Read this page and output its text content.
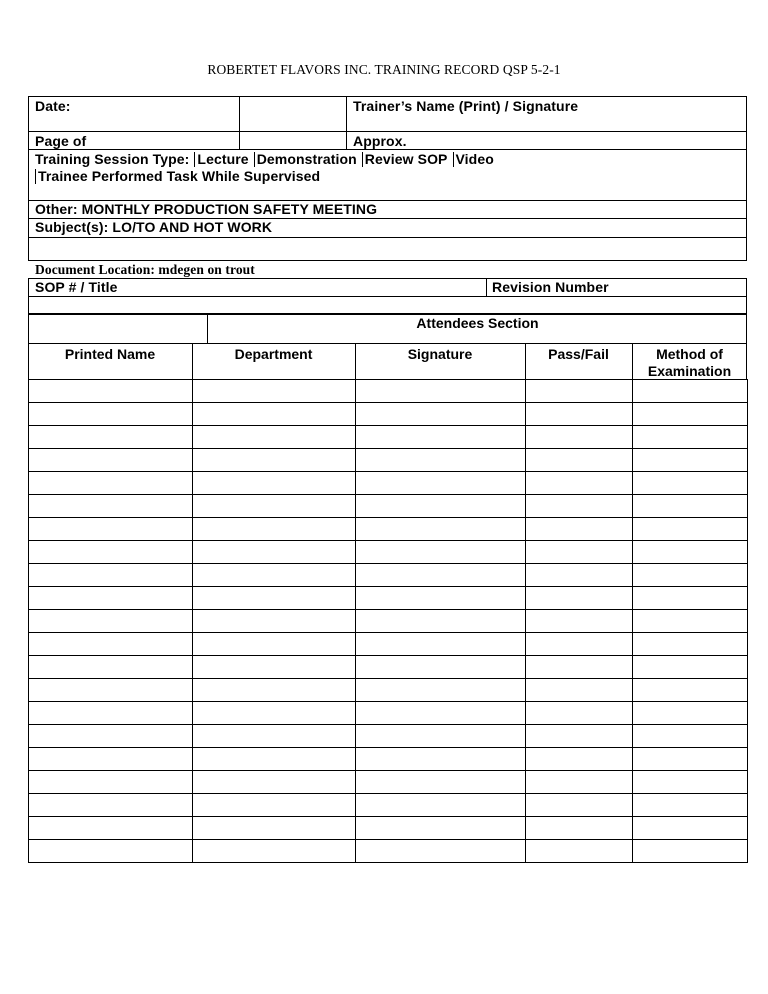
ROBERTET FLAVORS INC. TRAINING RECORD QSP 5-2-1
Date:	Trainer’s Name (Print) / Signature
Page of	Approx.
Training Session Type: Lecture Demonstration Review SOP Video
Trainee Performed Task While Supervised
Other: MONTHLY PRODUCTION SAFETY MEETING
Subject(s): LO/TO AND HOT WORK
Document Location: mdegen on trout
SOP # / Title	Revision Number
Attendees Section
Printed Name	Department	Signature	Pass/Fail	Method of Examination
